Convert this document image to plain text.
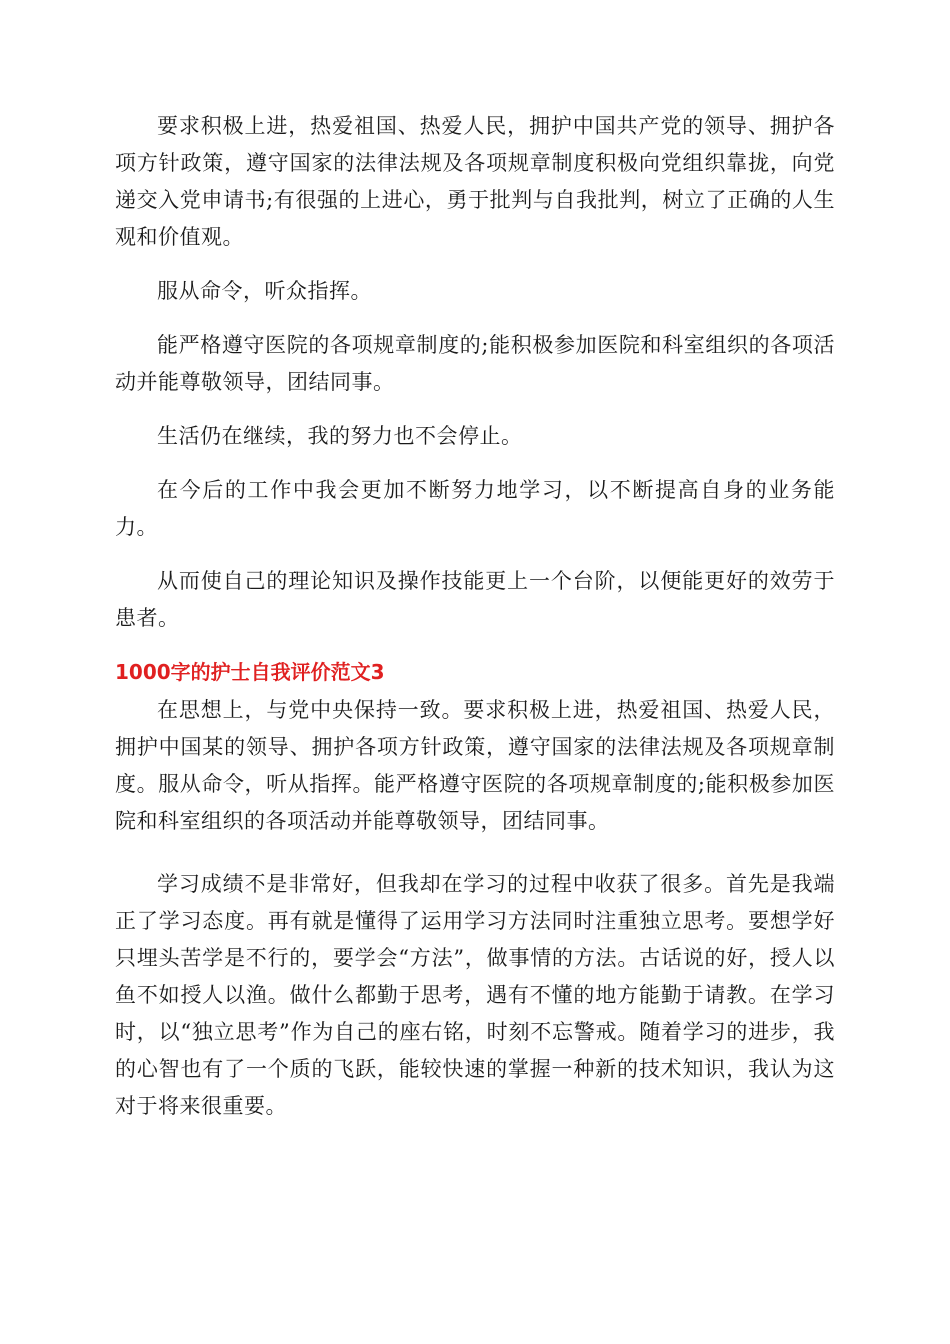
要求积极上进，热爱祖国、热爱人民，拥护中国共产党的领导、拥护各项方针政策，遵守国家的法律法规及各项规章制度积极向党组织靠拢，向党递交入党申请书;有很强的上进心，勇于批判与自我批判，树立了正确的人生观和价值观。

服从命令，听众指挥。

能严格遵守医院的各项规章制度的;能积极参加医院和科室组织的各项活动并能尊敬领导，团结同事。

生活仍在继续，我的努力也不会停止。

在今后的工作中我会更加不断努力地学习，以不断提高自身的业务能力。

从而使自己的理论知识及操作技能更上一个台阶，以便能更好的效劳于患者。

1000字的护士自我评价范文3

在思想上，与党中央保持一致。要求积极上进，热爱祖国、热爱人民，拥护中国某的领导、拥护各项方针政策，遵守国家的法律法规及各项规章制度。服从命令，听从指挥。能严格遵守医院的各项规章制度的;能积极参加医院和科室组织的各项活动并能尊敬领导，团结同事。

学习成绩不是非常好，但我却在学习的过程中收获了很多。首先是我端正了学习态度。再有就是懂得了运用学习方法同时注重独立思考。要想学好只埋头苦学是不行的，要学会“方法”，做事情的方法。古话说的好，授人以鱼不如授人以渔。做什么都勤于思考，遇有不懂的地方能勤于请教。在学习时，以“独立思考”作为自己的座右铭，时刻不忘警戒。随着学习的进步，我的心智也有了一个质的飞跃，能较快速的掌握一种新的技术知识，我认为这对于将来很重要。
